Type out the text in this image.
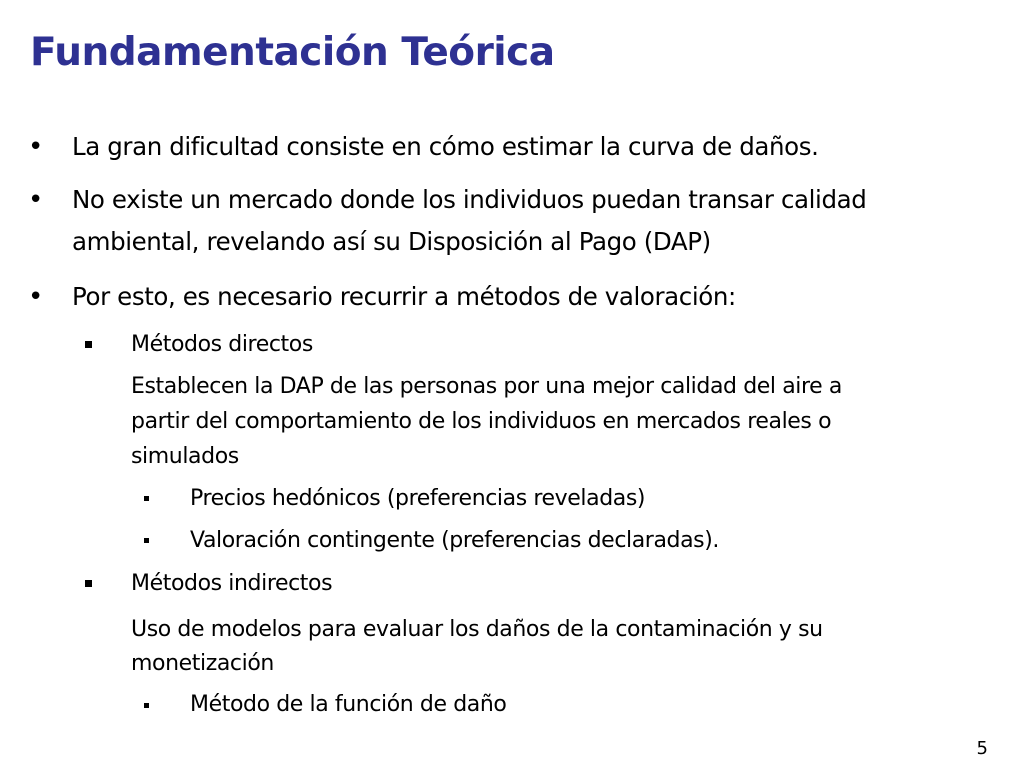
Fundamentación Teórica
• La gran dificultad consiste en cómo estimar la curva de daños.
• No existe un mercado donde los individuos puedan transar calidad
ambiental, revelando así su Disposición al Pago (DAP)
• Por esto, es necesario recurrir a métodos de valoración:
Métodos directos
Establecen la DAP de las personas por una mejor calidad del aire a
partir del comportamiento de los individuos en mercados reales o
simulados
Precios hedónicos (preferencias reveladas)
Valoración contingente (preferencias declaradas).
Métodos indirectos
Uso de modelos para evaluar los daños de la contaminación y su
monetización
Método de la función de daño
5
